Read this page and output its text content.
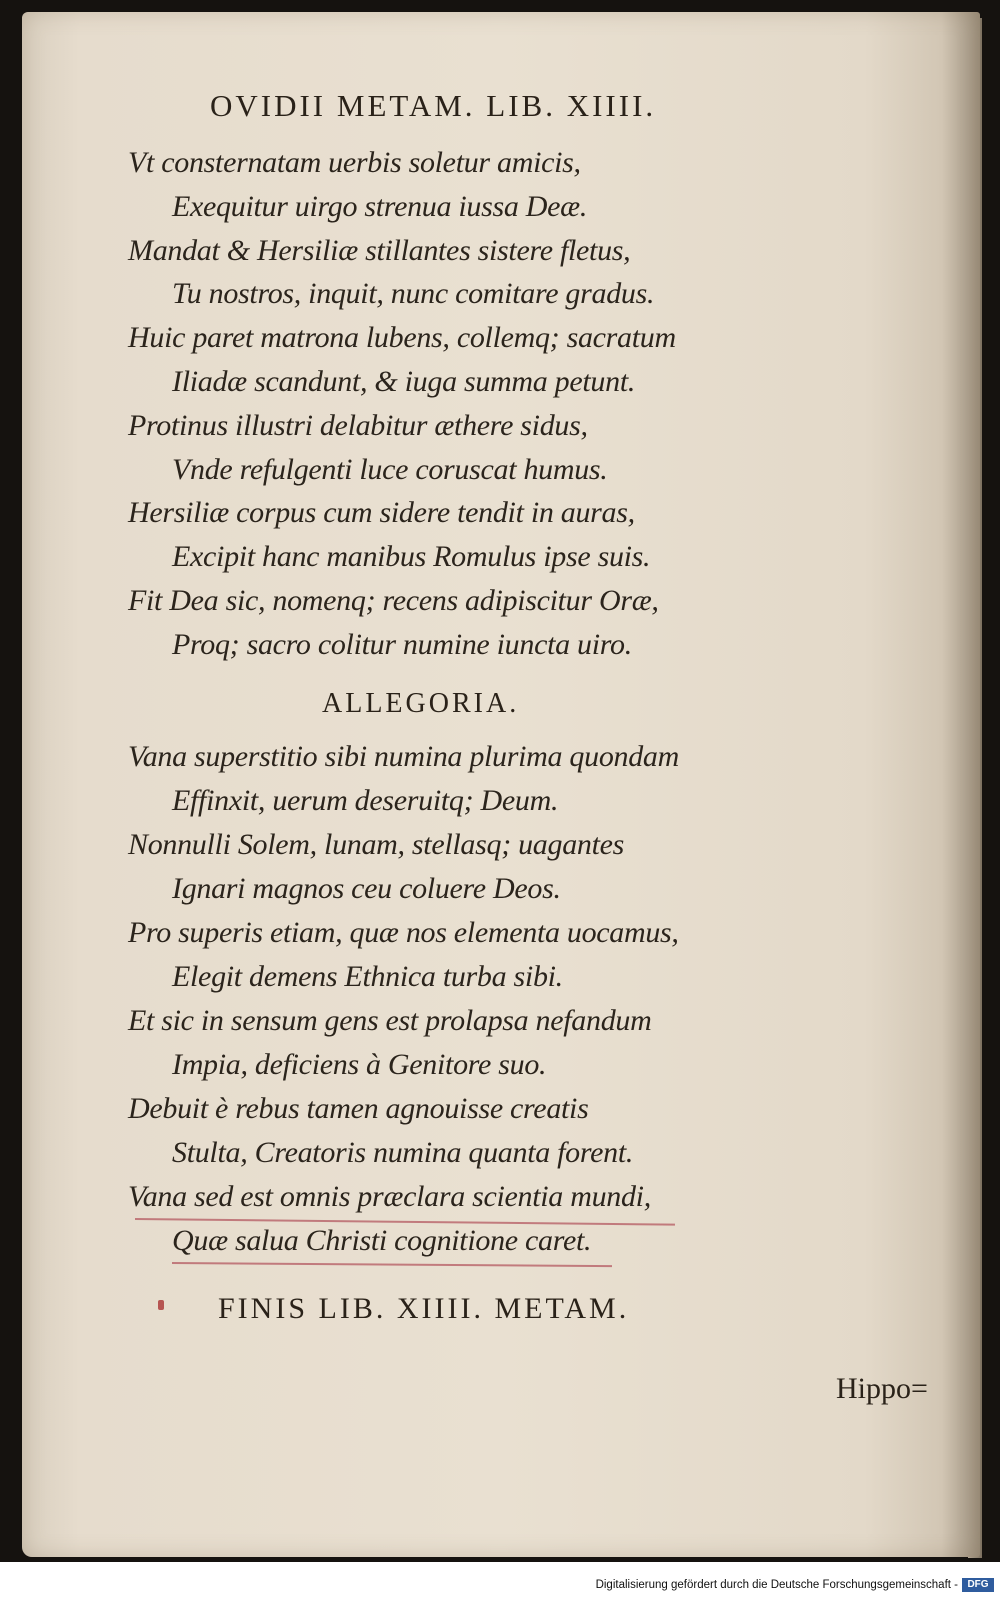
OVIDII METAM. LIB. XIIII.
Vt consternatam uerbis soletur amicis,
Exequitur uirgo strenua iussa Deæ.
Mandat & Hersiliæ stillantes sistere fletus,
Tu nostros, inquit, nunc comitare gradus.
Huic paret matrona lubens, collemq; sacratum
Iliadæ scandunt, & iuga summa petunt.
Protinus illustri delabitur æthere sidus,
Vnde refulgenti luce coruscat humus.
Hersiliæ corpus cum sidere tendit in auras,
Excipit hanc manibus Romulus ipse suis.
Fit Dea sic, nomenq; recens adipiscitur Oræ,
Proq; sacro colitur numine iuncta uiro.
ALLEGORIA.
Vana superstitio sibi numina plurima quondam
Effinxit, uerum deseruitq; Deum.
Nonnulli Solem, lunam, stellasq; uagantes
Ignari magnos ceu coluere Deos.
Pro superis etiam, quæ nos elementa uocamus,
Elegit demens Ethnica turba sibi.
Et sic in sensum gens est prolapsa nefandum
Impia, deficiens à Genitore suo.
Debuit è rebus tamen agnouisse creatis
Stulta, Creatoris numina quanta forent.
Vana sed est omnis præclara scientia mundi,
Quæ salua Christi cognitione caret.
FINIS LIB. XIIII. METAM.
Hippo=
Digitalisierung gefördert durch die Deutsche Forschungsgemeinschaft - DFG
